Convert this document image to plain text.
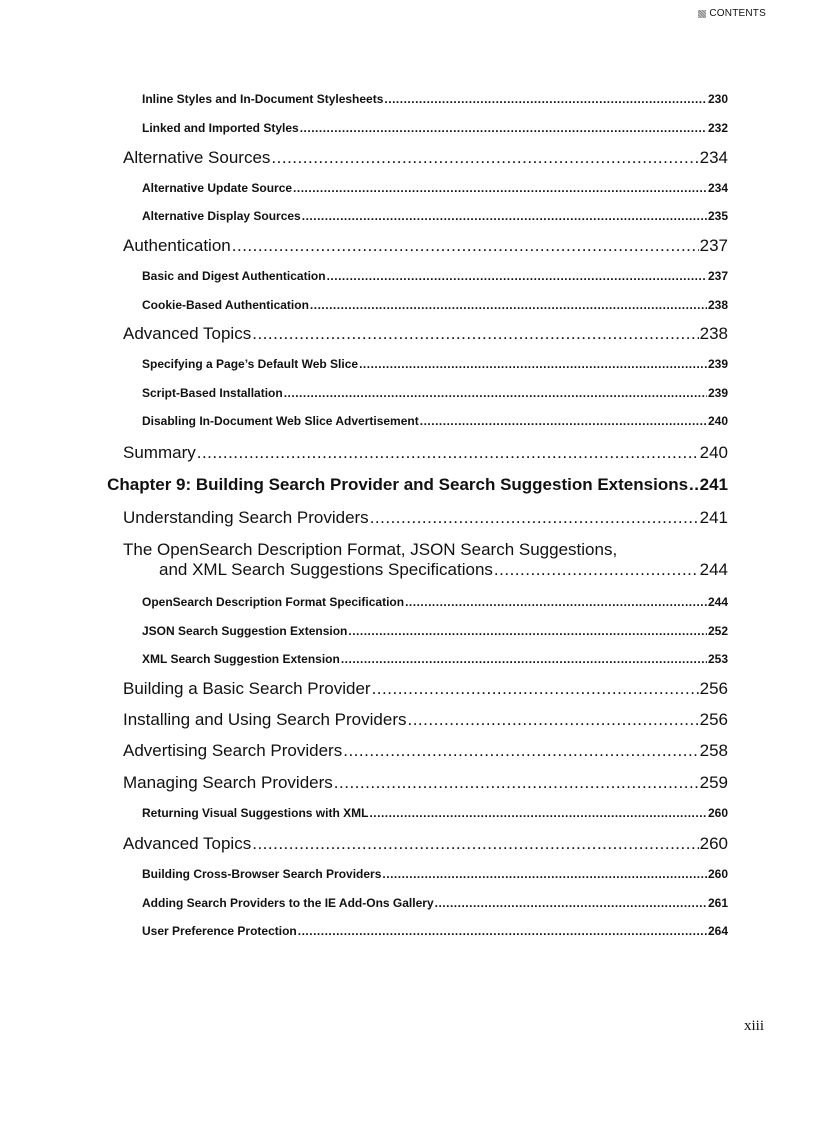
CONTENTS
Inline Styles and In-Document Stylesheets .....	230
Linked and Imported Styles .....	232
Alternative Sources .....	234
Alternative Update Source .....	234
Alternative Display Sources .....	235
Authentication .....	237
Basic and Digest Authentication .....	237
Cookie-Based Authentication .....	238
Advanced Topics .....	238
Specifying a Page’s Default Web Slice .....	239
Script-Based Installation .....	239
Disabling In-Document Web Slice Advertisement .....	240
Summary .....	240
Chapter 9: Building Search Provider and Search Suggestion Extensions ..... 241
Understanding Search Providers .....	241
The OpenSearch Description Format, JSON Search Suggestions,
and XML Search Suggestions Specifications .....	244
OpenSearch Description Format Specification .....	244
JSON Search Suggestion Extension .....	252
XML Search Suggestion Extension .....	253
Building a Basic Search Provider .....	256
Installing and Using Search Providers .....	256
Advertising Search Providers .....	258
Managing Search Providers .....	259
Returning Visual Suggestions with XML .....	260
Advanced Topics .....	260
Building Cross-Browser Search Providers .....	260
Adding Search Providers to the IE Add-Ons Gallery .....	261
User Preference Protection .....	264
xiii
